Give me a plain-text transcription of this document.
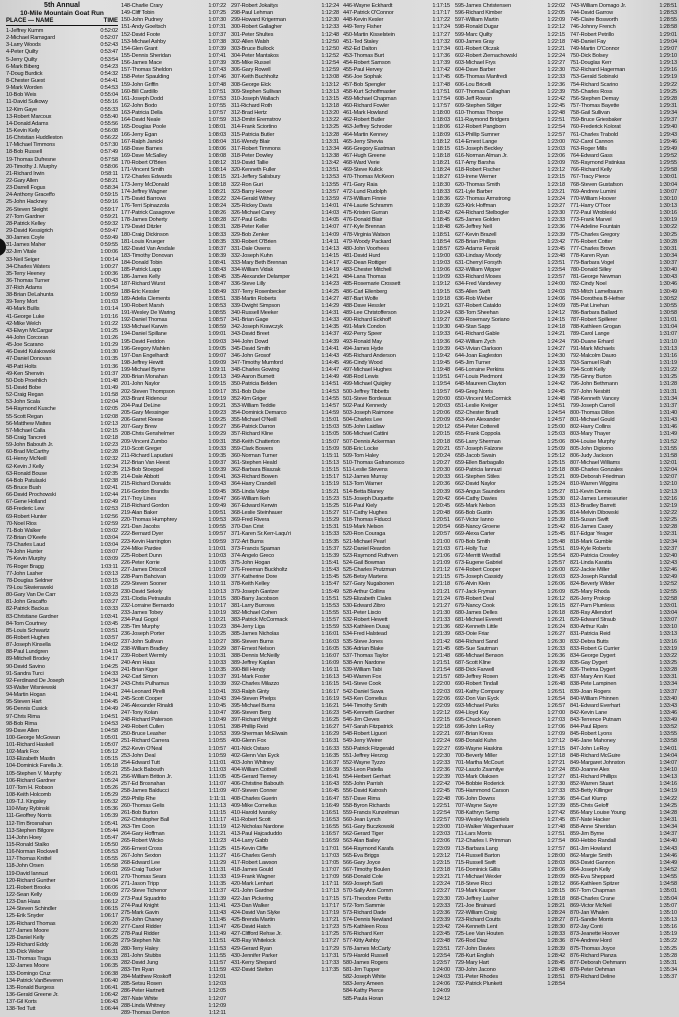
5th Annual
10-Mile Mountain Goat Run
PLACE — NAME	TIME
1-Jeffrey Kumm	0:52:02
2-Michael Ramsgard	0:52:07
3-Larry Woods	0:52:43
4-Peter Quilty	0:53:47
5-Jerry Quilty	0:53:54
6-Mark Biberg	0:54:23
7-Doug Burdick	0:54:32
8-Chester Guest	0:54:41
9-Mark Worden	0:54:53
10-Bob Weis	0:55:04
11-David Sulkowy	0:55:16
12-Kim Gaye	0:55:33
13-Robert Marcoux	0:55:40
14-Donald Adams	0:55:56
15-Kevin Kelly	0:56:08
16-Christian Huddleston	0:56:22
17-Michael Timmons	0:57:30
18-Bob Russell	0:57:49
19-Thomas Dufresne	0:57:58
20-Timothy J. Murphy	0:58:06
21-Richard Irwin	0:58:11
22-Gary Allen	0:58:21
23-Darrell Fogus	0:58:34
24-Anthony Graceffo	0:59:15
25-John Hackney	0:59:16
26-Steven Sleight	0:59:17
27-Tom Gardner	0:59:21
28-Patrick Kelley	0:59:32
29-David Kessigrich	0:59:47
30-James Coyle	0:59:49
31-James Maher	0:59:55
32-Jim Vitale	1:00:06
33-Neil Seiger	1:00:14
34-Charles Waters	1:00:27
35-Terry Heeney	1:00:36
36-Thomas Turner	1:00:43
37-Rich Adams	1:00:54
38-Brian DeLahunta	1:00:59
39-Terry Mort	1:01:03
40-Mark Bullis	1:01:14
41-George Luke	1:01:16
42-Mike Welch	1:01:22
43-Elwyn McCargar	1:01:25
44-John Corcoran	1:01:26
45-Joe Scarano	1:01:29
46-David Kulakowski	1:01:30
47-Daniel Donovan	1:01:35
48-Patt Holts	1:01:36
49-Ken Sherwin	1:01:37
50-Dob Proehlich	1:01:48
51-David Bobe	1:01:49
52-Craig Regan	1:01:58
53-John Scala	1:02:04
54-Raymond Kusche	1:02:05
55-Scott Regan	1:02:08
56-Matthew Mattes	1:02:13
57-Michael Calla	1:02:15
58-Craig Tancreti	1:02:18
59-John Babouth Jr.	1:02:23
60-Brad McCarthy	1:02:28
61-Henry McNeill	1:02:32
62-Kevin J Kelly	1:02:34
63-Ronald Bouse	1:02:35
64-Bob Patulaski	1:02:38
65-Bruce Bush	1:02:41
66-David Prochowski	1:02:44
67-Gene Holland	1:02:49
68-Frederic Lew	1:02:53
69-Robert Hunter	1:02:56
70-Noel Rios	1:02:59
71-Bob Walker	1:03:02
72-Brian O'Keefe	1:03:04
73-Charles Laud	1:03:04
74-John Hunter	1:03:07
75-Kevin Murphy	1:03:09
76-Roger Bragg	1:03:11
77-John Lasher	1:03:13
78-Douglas Seldner	1:03:15
79-Lou Skwierawski	1:03:18
80-Gary Van De Carr	1:03:23
81-John Gracaffo	1:03:27
82-Patrick Backus	1:03:33
83-Christiane Gardner	1:03:41
84-Tom Courtney	1:03:45
85-Louis Schwartz	1:03:51
86-Robert Hughes	1:03:57
87-Joseph Kinsella	1:04:02
88-Paul Lundgren	1:04:11
89-Mitchell Brodey	1:04:17
90-David Savino	1:04:25
91-Sandra Turci	1:04:33
92-Ferdinand De Joseph	1:04:34
93-Walter Wisniewski	1:04:37
94-Martin Hogan	1:04:41
95-Steven Hart	1:04:45
96-Dennis Cusick	1:04:49
97-Chris Rima	1:04:51
98-Bob Rima	1:04:53
99-Dave Allen	1:04:58
100-George McGowan	1:05:01
101-Richard Haskell	1:05:07
102-Mark Fox	1:05:12
103-Elizabeth Mastin	1:05:15
104-Dominick Farella Jr.	1:05:18
105-Stephen V. Murphy	1:05:21
106-Richard Gardner	1:05:24
107-Tom H. Robson	1:05:26
108-Keith Holcomb	1:05:29
109-T.J. Kingsley	1:05:32
110-Mary Rybinski	1:05:36
111-Geoffrey Norris	1:05:39
112-Tim Brosnahan	1:05:41
113-Stephen Bilgore	1:05:44
114-John Hoey	1:05:47
115-Ronald Stalko	1:05:50
116-Norman Rockwell	1:05:53
117-Thomas Knittel	1:05:55
118-John Orsen	1:05:58
119-David Iannuzi	1:06:01
120-Richard Gunther	1:06:04
121-Robert Brooks	1:06:06
122-Sean Kelly	1:06:09
123-Dan Haas	1:06:12
124-Steven Schindler	1:06:15
125-Erik Snyder	1:06:17
126-Richard Thomas	1:06:20
127-James Moore	1:06:22
128-Daniel Kelly	1:06:25
129-Richard Eddy	1:06:28
130-Dick Weber	1:06:31
131-Thomas Traga	1:06:33
132-James Moore	1:06:35
133-Domingo Cruz	1:06:38
134-Patrick VanBeveren	1:06:40
135-Ronald Burgess	1:06:41
136-Gerald Greene Jr.	1:06:42
137-Gil Korts	1:06:43
138-Ted Tutt	1:06:44
148-Charlie Crary	1:07:22
149-Cliff Tobin	1:07:25
150-John Pudney	1:07:30
151-Andy Goeltsch	1:07:31
152-David Foote	1:07:37
153-Michael Ashby	1:07:38
154-Glen Grant	1:07:39
155-Dennis Sheridan	1:07:41
156-James Mace	1:07:39
157-Thomas Sheldon	1:07:43
158-Peter Spaulding	1:07:46
159-John Griffin	1:07:48
160-Bill Cardillo	1:07:51
161-Joseph Dodd	1:07:53
162-John Bodo	1:07:55
163-Patricia Della	1:07:57
164-David Neale	1:07:59
165-Douglas Poole	1:08:01
166-Jerry Egan	1:08:03
167-Ralph Janicki	1:08:04
168-Dave Barnes	1:08:06
169-Dave McSalley	1:08:08
170-Robert O'Brien	1:08:12
171-Vincent Smith	1:08:14
172-Charles Edwards	1:08:15
173-Jerry McDonald	1:08:18
174-Jeffrey Wagner	1:08:21
175-David Barrows	1:08:22
176-Terri Spinazzola	1:08:24
177-Patrick Casagrove	1:08:26
178-James Doherty	1:08:28
179-David Ditzler	1:08:31
180-Craig Dickinson	1:08:33
181-Louis Krueger	1:08:35
182-David Van Arsdale	1:08:37
183-Timothy Donovan	1:08:39
184-Donald Tobin	1:08:41
185-Patrick Lapp	1:08:43
186-James Kelly	1:08:45
187-Richard Wurst	1:08:47
188-Eric Kessler	1:08:49
189-Adelia Clements	1:08:51
190-Robert Marsh	1:08:53
191-Wesley De Waring	1:08:55
192-Daniel Thomas	1:08:57
193-Michael Karwin	1:08:59
194-Daniel Spillane	1:09:01
195-David Feddon	1:09:03
196-Gregory Mahlen	1:09:05
197-Dan Engelhardt	1:09:07
198-Jeffrey Hewitt	1:09:09
199-Michael Byrne	1:09:11
200-Brian Monahan	1:09:13
201-John Naylor	1:09:15
202-Steven Thompson	1:09:17
203-Brant Ridenour	1:09:19
204-Paul DeLine	1:09:21
205-Gary Messinger	1:09:23
206-Garret Reese	1:09:25
207-Gary Brew	1:09:27
208-Chris Genshelmer	1:09:29
209-Vincent Zumbo	1:09:31
210-Scott Greger	1:09:33
211-Richard Lapudani	1:09:35
212-Brian Van Heest	1:09:37
213-Bob Stoeppel	1:09:39
214-Dale Abbott	1:09:41
215-Richard Donalds	1:09:43
216-Gordon Brandis	1:09:45
217-Troy Lines	1:09:47
218-Richard Gordon	1:09:49
219-Alan Baker	1:09:51
220-Thomas Humphrey	1:09:53
221-Dan Jacobs	1:09:55
222-Bernard Dyer	1:09:57
223-Kevin Harrington	1:09:59
224-Mike Pardee	1:10:01
225-Robert Dunn	1:10:03
226-Peter Korrie	1:10:05
227-James Driscoll	1:10:07
228-Pam Bahcivan	1:10:09
229-Steven Sooner	1:10:11
230-David Sekely	1:10:13
231-Clodia Petrasulis	1:10:15
232-Lorraine Bernardo	1:10:17
233-James Tobey	1:10:19
234-Paul Gogol	1:10:21
235-Tim Murphy	1:10:23
236-Joseph Porter	1:10:25
237-John Sullivan	1:10:27
238-William Bradley	1:10:29
239-Robert Wermly	1:10:31
240-Ann Haas	1:10:33
241-Brian Kiger	1:10:35
242-Carl Simon	1:10:37
243-Chris Pulhamus	1:10:39
244-Leonard Pirelli	1:10:41
245-Scott Cooper	1:10:43
246-Alexander Rinaldi	1:10:45
247-Tony Kolan	1:10:47
248-Richard Paterson	1:10:49
249-Robert Cullen	1:10:51
250-Bruce Leasher	1:10:53
251-Richard Carrera	1:10:55
252-Kevin O'Neal	1:10:57
253-John Deal	1:10:59
254-Edward Tutt	1:11:01
255-Jack Babouth	1:11:03
256-William Britton Jr.	1:11:05
257-Ed Brosnahan	1:11:07
258-James Balducci	1:11:09
259-Philip Rhe	1:11:11
260-Thomas Gelis	1:11:13
261-Bob Burton	1:11:15
262-Christopher Ball	1:11:17
263-Tim Coon	1:11:19
264-Gary Hoffman	1:11:21
265-Robert Wicko	1:11:23
266-Ernest Cross	1:11:25
267-John Sexton	1:11:27
268-Edward Lee	1:11:29
269-Craig Tucker	1:11:31
270-Thomas Sears	1:11:33
271-Jason Tripp	1:11:35
272-Steve Tichenor	1:11:37
273-Paul Squadrito	1:11:39
274-Paul Knight	1:11:41
275-Mark Gavin	1:11:43
276-John Chaney	1:11:45
277-Carol Ridder	1:11:47
278-Paul Ridder	1:11:49
279-Stephen Nix	1:11:51
280-Terry Haley	1:11:53
281-John Stubbs	1:11:55
282-David Jung	1:11:57
283-Tim Ryan	1:11:59
284-Matthew Roskoff	1:12:01
285-Setsu Rosen	1:12:03
286-Peter Hartnett	1:12:05
287-Nate White	1:12:07
288-Linda Whitney	1:12:09
289-Thomas Denton	1:12:11
297-Robert Jokaitys	1:12:24
298-Paul Lehman	1:12:28
299-Howard Krigerman	1:12:30
300-Robert Gallagher	1:12:33
301-Peter Shultes	1:12:48
302-Allen Walsh	1:12:50
303-Bruce Bullock	1:12:50
304-Peter Mantakos	1:12:52
305-Mike Russel	1:12:54
306-Gary Rowell	1:12:59
307-Keith Buchholtz	1:13:08
308-George Elck	1:13:12
309-Stephen Sullivan	1:13:13
310-Joseph Wallach	1:13:15
311-Richard Roth	1:13:18
312-Brad Hertz	1:13:20
313-Dmitri Eremstrov	1:13:22
314-Frank Sciortino	1:13:25
315-Patricia Butler	1:13:28
316-Wendy Blair	1:13:31
317-Robert Timmons	1:13:34
318-Peter Dowley	1:13:38
319-David Tallie	1:13:42
320-Kenneth Fuller	1:13:51
321-Jeffery Salisbury	1:13:53
322-Ron Guri	1:13:55
323-Barry Hoover	1:13:57
324-Gerald Withey	1:13:59
325-Rickey Davis	1:14:01
326-Michael Carey	1:14:03
327-Paul Gollis	1:14:05
328-Peter Keller	1:14:07
329-Bob Zenker	1:14:09
330-Robert O'Brien	1:14:11
331-Dale Owens	1:14:13
332-Joseph Kuhn	1:14:15
333-Mary Beth Brennan	1:14:17
334-William Vidak	1:14:19
335-Alexander Delamper	1:14:21
336-Steve Lilly	1:14:23
337-Terry Rosenbecker	1:14:25
338-Martin Roberts	1:14:27
339-Dwight Simpson	1:14:29
340-Russell Meeker	1:14:31
341-Brian Gage	1:14:33
342-Joseph Krawczyk	1:14:35
343-David Breet	1:14:37
344-John Dowd	1:14:39
345-David Smith	1:14:41
346-John Grosof	1:14:43
347-Timothy Mumford	1:14:45
348-Charles Gowing	1:14:47
349-Aaron Burnett	1:14:49
350-Patricia Belden	1:14:51
351-Bob Dube	1:14:53
352-Kim Griger	1:14:55
353-William Teddie	1:14:57
354-Dominick Demarco	1:14:59
355-Michael O'Neill	1:15:01
356-Patrick Darron	1:15:03
357-Richard Kline	1:15:05
358-Keith Chatterton	1:15:07
359-Clark Bowers	1:15:09
360-Norman Turner	1:15:11
361-Stephen Heald	1:15:13
362-Barbara Blaszak	1:15:15
363-Richard Bowen	1:15:17
364-Harry Crandell	1:15:19
365-Linda Volpe	1:15:21
366-William Ikeh	1:15:23
367-Edward Kerwin	1:15:25
368-Leslie Steinhauer	1:15:27
369-Fred Rivera	1:15:29
370-Dan Crist	1:15:31
371-Karen Sr.Kerr-Laqu'ri	1:15:33
372-Art Burns	1:15:35
373-Francis Spaman	1:15:37
374-Angelo Greco	1:15:39
375-John Hogan	1:15:41
376-Freeman Buckholtz	1:15:43
377-Katherine Dore	1:15:45
378-Keith Kelley	1:15:47
379-Joseph Gantzer	1:15:49
380-Barry Jacobson	1:15:51
381-Larry Burrows	1:15:53
382-Michael Cohen	1:15:55
383-Patrick McCormack	1:15:57
384-Jerry Liga	1:15:59
385-James Nicholas	1:16:01
386-Steven Burns	1:16:03
387-Ernest Nelson	1:16:05
388-Dennis McNeilly	1:16:07
389-Jeffrey Kaplan	1:16:09
390-Bill Hendy	1:16:11
391-Mark Foster	1:16:13
392-Charles Milazzo	1:16:15
393-Ralph Ginty	1:16:17
394-Steven Phelps	1:16:19
395-Michael Burns	1:16:21
396-Steven Berg	1:16:23
397-Richard Wright	1:16:25
398-Phillip Reid	1:16:27
399-Sherman McElwain	1:16:29
400-Glenn Fox	1:16:31
401-Nick Ostaro	1:16:33
402-Glenn Van Eyck	1:16:35
403-John Whitney	1:16:37
404-William Cottrell	1:16:39
405-Gerard Tierney	1:16:41
406-Christine Babouth	1:16:43
407-Steven Conner	1:16:45
408-Charles Guerin	1:16:47
409-Mike Cornelius	1:16:49
410-Harold Ivansky	1:16:51
411-Robert Scott	1:16:53
412-Nicholas Nardone	1:16:55
413-Paul Hajcaduddo	1:16:57
414-Larry Gabb	1:16:59
415-Kevin Cliffe	1:17:01
416-Charles Gersh	1:17:03
417-Robert Lawson	1:17:05
418-James Gould	1:17:07
419-Frank Wagner	1:17:09
420-Mark Lenhart	1:17:11
421-John Gardner	1:17:13
422-Jan Pickering	1:17:15
423-Dan Walker	1:17:17
424-David Van Slyke	1:17:19
425-Brenda Martin	1:17:21
426-David Hatch	1:17:23
427-Clifford Rehse Jr.	1:17:25
428-Ray Whitelock	1:17:27
429-Gerard Ryan	1:17:29
430-Jennifer Parker	1:17:31
431-Kerry Shepard	1:17:33
432-David Stelton	1:17:35
446-Wayne Eckhardt	1:17:15
447-Patrick O'Connor	1:17:17
448-Kevin Kesler	1:17:22
449-Terry Fisher	1:17:24
450-Martin Kisselstein	1:17:27
451-Ted Staley	1:17:32
452-Ed Dalton	1:17:34
453-Thomas Burt	1:17:36
454-Robert Samson	1:17:39
455-Paul Hervey	1:17:42
456-Joe Sophak	1:17:45
457-Bob Spengler	1:17:48
458-Kurt Schoffmaster	1:17:51
459-Michael Chapman	1:17:54
460-Richard Fowler	1:17:57
461-Mark Howland	1:18:00
462-Robert Butler	1:18:03
463-Jeffrey Schroder	1:18:06
464-Martin Kenney	1:18:09
465-Jerry Shevia	1:18:12
466-Gregory Eastman	1:18:15
467-Hugh Greene	1:18:18
468-Ward Verie	1:18:21
469-Steve Kulick	1:18:24
470-Thomas McKeon	1:18:27
471-Gary Raia	1:18:30
472-Lund Rudolph	1:18:33
473-William Finnie	1:18:36
474-Laurie Schramm	1:18:39
475-Kristen Gurran	1:18:42
476-Donald Blair	1:18:45
477-Kyle Brennan	1:18:48
478-Virginia Watson	1:18:51
479-Woody Packard	1:18:54
480-John Voorhees	1:18:57
481-David Hurd	1:19:00
482-Dean Rottiger	1:19:03
483-Chester Mitchell	1:19:06
484-Lana Thomas	1:19:09
485-Rosemarie Crossett	1:19:12
486-Carl Ellenberg	1:19:15
487-Bart Wolfe	1:19:18
488-Dave Hessler	1:19:21
489-Lee Christofferson	1:19:24
490-Richard Eckhoff	1:19:27
491-Mark Condon	1:19:30
492-Perry Speer	1:19:33
493-Ronald May	1:19:36
494-James Hyde	1:19:39
495-Richard Anderson	1:19:42
496-Cindy Wood	1:19:45
497-Michael Hughes	1:19:48
498-Rod Lewis	1:19:51
499-Michael Quigley	1:19:54
500-Jeffrey Tibbetts	1:19:57
501-Steve Bordeaux	1:20:00
502-Paul Kennedy	1:20:03
503-Joseph Raimone	1:20:06
504-Charles Lee	1:20:09
505-John Laidlaw	1:20:12
506-Michael Cattini	1:20:15
507-Dennis Ackerman	1:20:18
508-Eric Locke	1:20:21
509-Tom Haley	1:20:24
510-Thomas Gafrancesco	1:20:27
511-Leslie Stevens	1:20:30
512-James Murray	1:20:33
513-Tom Warner	1:20:36
514-Betta Blaney	1:20:39
515-Joseph Duquette	1:20:42
516-Paul Kiely	1:20:45
517-Cathy Hughes	1:20:48
518-Thomas Fiducci	1:20:51
519-Mark Nelson	1:20:54
520-Ron Couraga	1:20:57
521-Michael Pearl	1:21:00
522-Daniel Reardon	1:21:03
523-Raymond Ruthven	1:21:06
524-Gail Bowman	1:21:09
525-Charles Prutzman	1:21:12
526-Betsy Martens	1:21:15
527-Gary Nugabonen	1:21:18
528-Arthur Collins	1:21:21
529-Elizabeth Ciales	1:21:24
530-Edward Zibro	1:21:27
531-Peter Liscio	1:21:30
532-Robert Hewett	1:21:33
533-Kathleen Dusaj	1:21:36
534-Fred Halstead	1:21:39
535-Steve Jones	1:21:42
536-Adrian Blake	1:21:45
537-Thomas Taylor	1:21:48
538-Ann Nardone	1:21:51
539-William Tabi	1:21:54
540-Warren Fox	1:21:57
541-Steve Cook	1:22:00
542-Daniel Suwa	1:22:03
543-Ken Cornelius	1:22:06
544-Timothy Smith	1:22:09
545-Kenneth Gardner	1:22:12
546-Jim Cleves	1:22:15
547-Sarah Fitzpatrick	1:22:18
548-Robert Liguori	1:22:21
549-Jerry Weirer	1:22:24
550-Patrick Fitzgerald	1:22:27
551-Jeffrey Herzog	1:22:30
552-Wayne Tyzzo	1:22:33
553-Leon Patella	1:22:36
554-Herbert Gerhart	1:22:39
555-John Parrish	1:22:42
556-David Katrosh	1:22:45
557-Dave Rima	1:22:48
558-Byron Richards	1:22:51
559-Francis Kunzelman	1:22:54
560-Jean Lynch	1:22:57
561-Gary Buczkowski	1:23:00
562-Gerard Tiger	1:23:03
563-Alan Bailey	1:23:06
564-Raymond Karafa	1:23:09
565-Eva Briggs	1:23:12
566-Gary Joyce	1:23:15
567-Timothy Boulen	1:23:18
568-Donald Cole	1:23:21
569-Joseph Sarli	1:23:24
570-Sally Ann Comm	1:23:27
571-Theodore Pettis	1:23:30
572-Tom Sammie	1:23:33
573-Richard Dade	1:23:36
574-Dennis Newland	1:23:39
575-Kathleen Ross	1:23:42
576-Richard Kerr	1:23:45
577-Kitty Ashby	1:23:48
578-James McCarty	1:23:51
579-Harold Russell	1:23:54
580-James Rogers	1:23:57
581-Jim Tupper	1:24:00
582-Joseph White	1:24:03
583-Jerry Ameen	1:24:06
584-Kathy Pierce	1:24:09
585-Paula Horan	1:24:12
595-James Christensen	1:22:02
596-Richard Kimber	1:22:05
597-William Martin	1:22:09
598-Ronald Dugar	1:22:12
599-Marc Quilty	1:22:15
600-James Gray	1:22:18
601-Robert Olczak	1:22:21
602-Robert Ziernachowski	1:22:24
603-Michael Frys	1:22:27
604-Dave Barber	1:22:30
605-Thomas Manfredi	1:22:33
606-Lou Bricelli	1:22:36
607-Thomas Callaghan	1:22:39
608-Jeff Rowan	1:22:42
609-Stephen Stilger	1:22:45
610-Thomas Thorpe	1:22:48
611-Raymond Bridgers	1:22:51
612-Robert Pangborn	1:22:54
613-Phillip Sumner	1:22:57
614-Ernest Lange	1:23:00
615-Joseph Beckley	1:23:03
616-Norman Alman Jr.	1:23:06
617-Amy Barsha	1:23:09
618-Robert Fischer	1:23:12
619-Irene Werner	1:23:15
620-Thomas Smith	1:23:18
621-Lyle Barber	1:23:21
622-Thomas Armstrong	1:23:24
623-Kirk Hoffman	1:23:27
624-Richard Stelbogler	1:23:30
625-James Golden	1:23:33
626-Jeffrey Nell	1:23:36
627-Kevin Brazell	1:23:39
628-Brian Phillips	1:23:42
629-Adams Fenski	1:23:45
630-Lindsay Moody	1:23:48
631-Cherryl Forsyth	1:23:51
632-William Wipper	1:23:54
633-Richard Moses	1:23:57
634-Fred Vandevey	1:24:00
635-Allen Swift	1:24:03
636-Rob Weber	1:24:06
637-Robert Cataldo	1:24:09
638-Tom Sheehan	1:24:12
639-Rosemary Soriano	1:24:15
640-Stan Sapp	1:24:18
641-Richard Gable	1:24:21
642-William Zych	1:24:24
643-Vivian Clarkson	1:24:27
644-Joan Eagleston	1:24:30
645-Jim Turner	1:24:33
646-Lorraine Perkins	1:24:36
647-Louis Piedmont	1:24:39
648-Maureen Clayton	1:24:42
649-Greg Norris	1:24:45
650-Vincent McCormick	1:24:48
651-Leslie Kreiger	1:24:51
652-Chester Bradt	1:24:54
653-Ken Alexander	1:24:57
654-Peter Cotterell	1:25:00
655-Frank Coppola	1:25:03
656-Larry Sherman	1:25:06
657-Joseph Falzone	1:25:09
658-Jacob Swain	1:25:12
659-Ellen Barbagallo	1:25:15
660-Patricia Iannuzi	1:25:18
661-Stephen Stiles	1:25:21
662-David Naylor	1:25:24
663-Angus Saunders	1:25:27
664-Cathy Davies	1:25:30
665-Mark Nelson	1:25:33
666-Bob Gustin	1:25:36
667-Victor Ianno	1:25:39
668-Nancy Groene	1:25:42
669-Alexa Carter	1:25:45
670-Bob Smith	1:25:48
671-Holly Tuz	1:25:51
672-Merritt Westfall	1:25:54
673-Eugene Gabriel	1:25:57
674-Robert Cooper	1:26:00
675-Joseph Cassidy	1:26:03
676-Alvin Klein	1:26:06
677-Jack Fryman	1:26:09
678-Robert Deal	1:26:12
679-Nancy Cook	1:26:15
680-James Delles	1:26:18
681-Michael Everett	1:26:21
682-Kenneth Little	1:26:24
683-Ooie Friar	1:26:27
684-Richard Sand	1:26:30
685-Sue Sautman	1:26:33
686-Michael Benson	1:26:36
687-Scott Kline	1:26:39
688-Dick Farwell	1:26:42
689-Jeffrey Rosen	1:26:45
690-Robert Tindall	1:26:48
691-Kathy Company	1:26:51
692-Don Van Eyck	1:26:54
693-Michael Parks	1:26:57
694-Lloyd Kay	1:27:00
695-Chuck Kuonen	1:27:03
696-John LeRoy	1:27:06
697-Brian Kress	1:27:09
698-Donald Kuhn	1:27:12
699-Wayne Haskins	1:27:15
700-Beverly Miller	1:27:18
701-Martha McCourt	1:27:21
702-Laszlo Zsamitye	1:27:24
703-Mark Olaksen	1:27:27
704-Bobbie Roderick	1:27:30
705-Hammond Carson	1:27:33
706-John Downs	1:27:36
707-Wayne Sayre	1:27:39
708-Kathryn Semp	1:27:42
709-Wesley McDaniels	1:27:45
710-Walker Wagenhauer	1:27:48
711-Lars Morris	1:27:51
712-Charles I. Primman	1:27:54
713-Barbara Lang	1:27:57
714-Russell Barton	1:28:00
715-Russell Swift	1:28:03
716-Dominick Gillis	1:28:06
717-Michael Wexler	1:28:09
718-Steve Ricci	1:28:12
719-Mark Kasper	1:28:15
720-Jeffrey Lasher	1:28:18
721-Joe Brainard	1:28:21
722-William Craig	1:28:24
723-Richard Coutts	1:28:27
724-Kenneth Lent	1:28:30
725-Lee Van Houten	1:28:33
726-Rod Diaz	1:28:36
727-John Davies	1:28:39
728-Kurt English	1:28:42
729-Mary Hart	1:28:45
730-John Jacono	1:28:48
731-Peter Rhodes	1:28:51
732-Patrick Plunkett	1:28:54
743-William Domago Jr.	1:28:51
744-David Garrow	1:28:53
745-Claire Bosworth	1:28:55
746-Johnny French	1:28:58
747-Robert Petrillo	1:29:01
748-Daniel Fay	1:29:04
749-Martin O'Connor	1:29:07
750-Dick Bolsey	1:29:10
751-Douglas Kerr	1:29:13
752-Richard Hagerman	1:29:16
753-Gerald Sobinski	1:29:19
754-Richard Scarino	1:29:22
755-Charles Ross	1:29:25
756-Stephen Demay	1:29:28
757-Thomas Bayette	1:29:31
758-Gail Sullivan	1:29:34
759-Bruce Griesbaker	1:29:37
760-Frederick Kolorat	1:29:40
761-Charles Trabold	1:29:43
762-Carol Cannon	1:29:46
763-Roger Mills	1:29:49
764-Edward Gass	1:29:52
765-Raymond Patinkas	1:29:55
766-Richard Kelly	1:29:58
767-Tracy Pierce	1:30:01
768-Steven Gustafson	1:30:04
769-Andrew Lumini	1:30:07
770-William Hoover	1:30:10
771-Harry O'Toor	1:30:13
772-Paul Wrobleski	1:30:16
773-Frank Marvel	1:30:19
774-Adeline Fountain	1:30:22
775-Charles Gregory	1:30:25
776-Robert Cotter	1:30:28
777-Charles Brown	1:30:31
778-Karen Ryan	1:30:34
779-Barbara Vogel	1:30:37
780-Donald Silley	1:30:40
781-George Newman	1:30:43
782-Cindy Noel	1:30:46
783-Mitch Lamelbaum	1:30:49
784-Dorothea B-Hefner	1:30:52
785-Pat Linehan	1:30:55
786-Barbara Ballard	1:30:58
787-Robert Spillerer	1:31:01
788-Kathleen Grogan	1:31:04
789-Carol Lange	1:31:07
790-Duane Erhard	1:31:10
791-Mark Michaels	1:31:13
792-Malcolm Dauro	1:31:16
793-Samuel Raih	1:31:19
794-Scott Kelly	1:31:22
795-Ginny Burton	1:31:25
796-John Bethmann	1:31:28
797-John Nesbitt	1:31:31
798-Kenneth Vancey	1:31:34
799-Joseph Carroll	1:31:37
800-Thomas Dillon	1:31:40
801-Michael Gould	1:31:43
802-Harry Collins	1:31:46
803-Mary Thayer	1:31:49
804-Louise Murphy	1:31:52
805-John Digiorno	1:31:55
806-Judy Jackson	1:31:58
807-Michael Williams	1:32:01
808-Charles Gonzales	1:32:04
809-Deborah Friedman	1:32:07
810-Warren Wiggins	1:32:10
811-Kevin Dennis	1:32:13
812-James Lemeseurier	1:32:16
813-Bradley Barrett	1:32:19
814-Melvin Dibowski	1:32:22
815-Susan Swift	1:32:25
816-James Casey	1:32:28
817-Edgar Yeager	1:32:31
818-Mark Gumble	1:32:34
819-Kyle Roberts	1:32:37
820-Patricia Crowley	1:32:40
821-Linda Karatta	1:32:43
822-Jackie Miller	1:32:46
823-Joseph Randall	1:32:49
824-Beverly Wilder	1:32:52
825-Mary Rhoda	1:32:55
826-Jerry Prokop	1:32:58
827-Pam Plumless	1:33:01
828-Ray Allendorf	1:33:04
829-Edward Straub	1:33:07
830-Arthur Kalin	1:33:10
831-Patricia Reid	1:33:13
832-Debra Butts	1:33:16
833-Robert G Currier	1:33:19
834-George Dygert	1:33:22
835-Gay Dygert	1:33:25
836-Thelma Dygert	1:33:28
837-Mary Ann Kast	1:33:31
838-Pete Lampinen	1:33:34
839-Joan Rogers	1:33:37
840-William Phinnen	1:33:40
841-Edward Everhart	1:33:43
842-Kevin Lane	1:33:46
843-Terrence Putnam	1:33:49
844-Paul Elpers	1:33:52
845-Robert Lyons	1:33:55
846-Jane Mahoney	1:33:58
847-John LeRoy	1:34:01
848-Richard McGuire	1:34:04
849-Margaret Johnston	1:34:07
850-Joanne Alex	1:34:10
851-Richard Phillips	1:34:13
852-Warren Stuart	1:34:16
853-Betty Killinger	1:34:19
854-Carl Klump	1:34:22
855-Chris Geloff	1:34:25
856-Mary Louise Young	1:34:28
857-Nate Hacker	1:34:31
858-Anne Sheridan	1:34:34
859-Jim Byrne	1:34:37
860-Hebbo Randall	1:34:40
861-Jim Howland	1:34:43
862-Margie Smith	1:34:46
863-David Gannon	1:34:49
864-Joseph Kelly	1:34:52
865-Eva Sheppard	1:34:55
866-Kathleen Spitzer	1:34:58
867-Tom Chapman	1:35:01
868-Charles Crane	1:35:04
869-Victor McNeil	1:35:07
870-Jan Whalen	1:35:10
871-Sandie Morris	1:35:13
872-Jay Conti	1:35:16
873-Jeanette Hoover	1:35:19
874-Andrew Hord	1:35:22
875-Thomas Joyce	1:35:25
876-Richard Pianza	1:35:28
877-Deborah Oehmann	1:35:31
878-Peter Oehman	1:35:34
879-Richard Deline	1:35:37
